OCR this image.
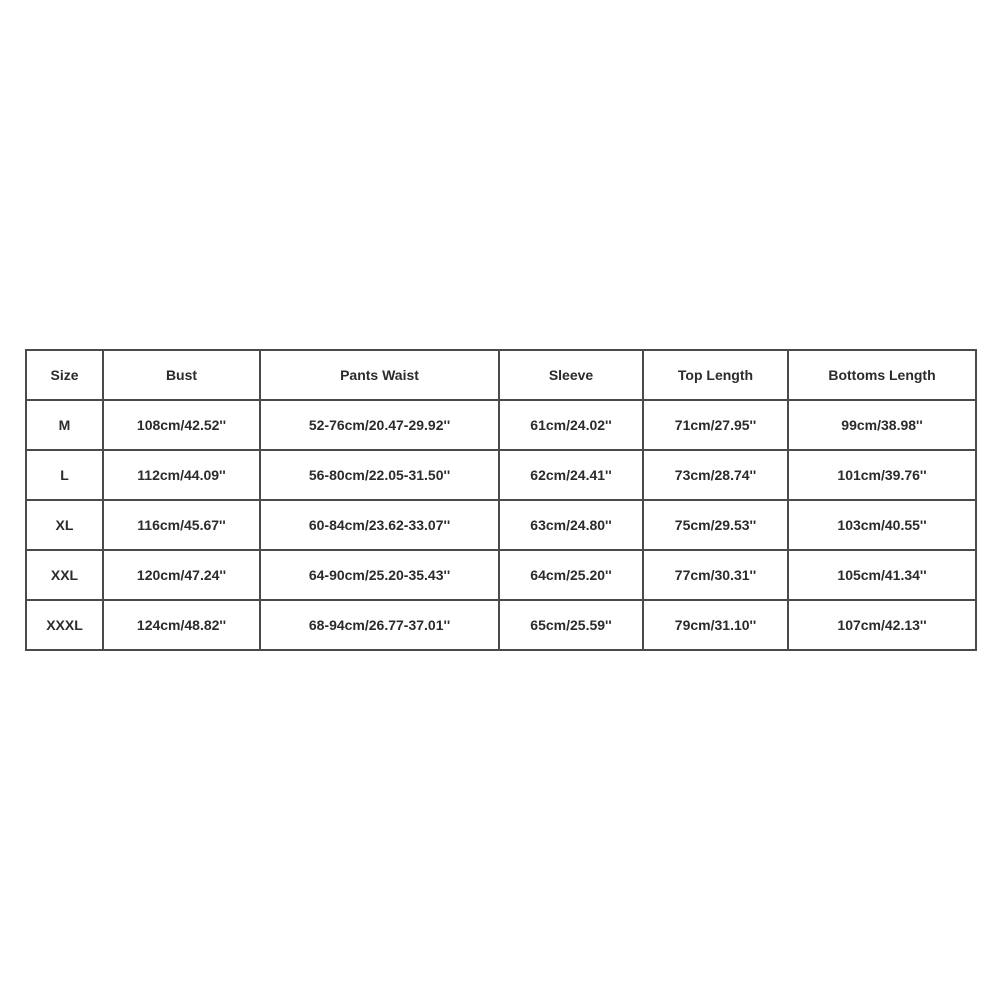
Size	Bust	Pants Waist	Sleeve	Top Length	Bottoms Length
M	108cm/42.52''	52-76cm/20.47-29.92''	61cm/24.02''	71cm/27.95''	99cm/38.98''
L	112cm/44.09''	56-80cm/22.05-31.50''	62cm/24.41''	73cm/28.74''	101cm/39.76''
XL	116cm/45.67''	60-84cm/23.62-33.07''	63cm/24.80''	75cm/29.53''	103cm/40.55''
XXL	120cm/47.24''	64-90cm/25.20-35.43''	64cm/25.20''	77cm/30.31''	105cm/41.34''
XXXL	124cm/48.82''	68-94cm/26.77-37.01''	65cm/25.59''	79cm/31.10''	107cm/42.13''
